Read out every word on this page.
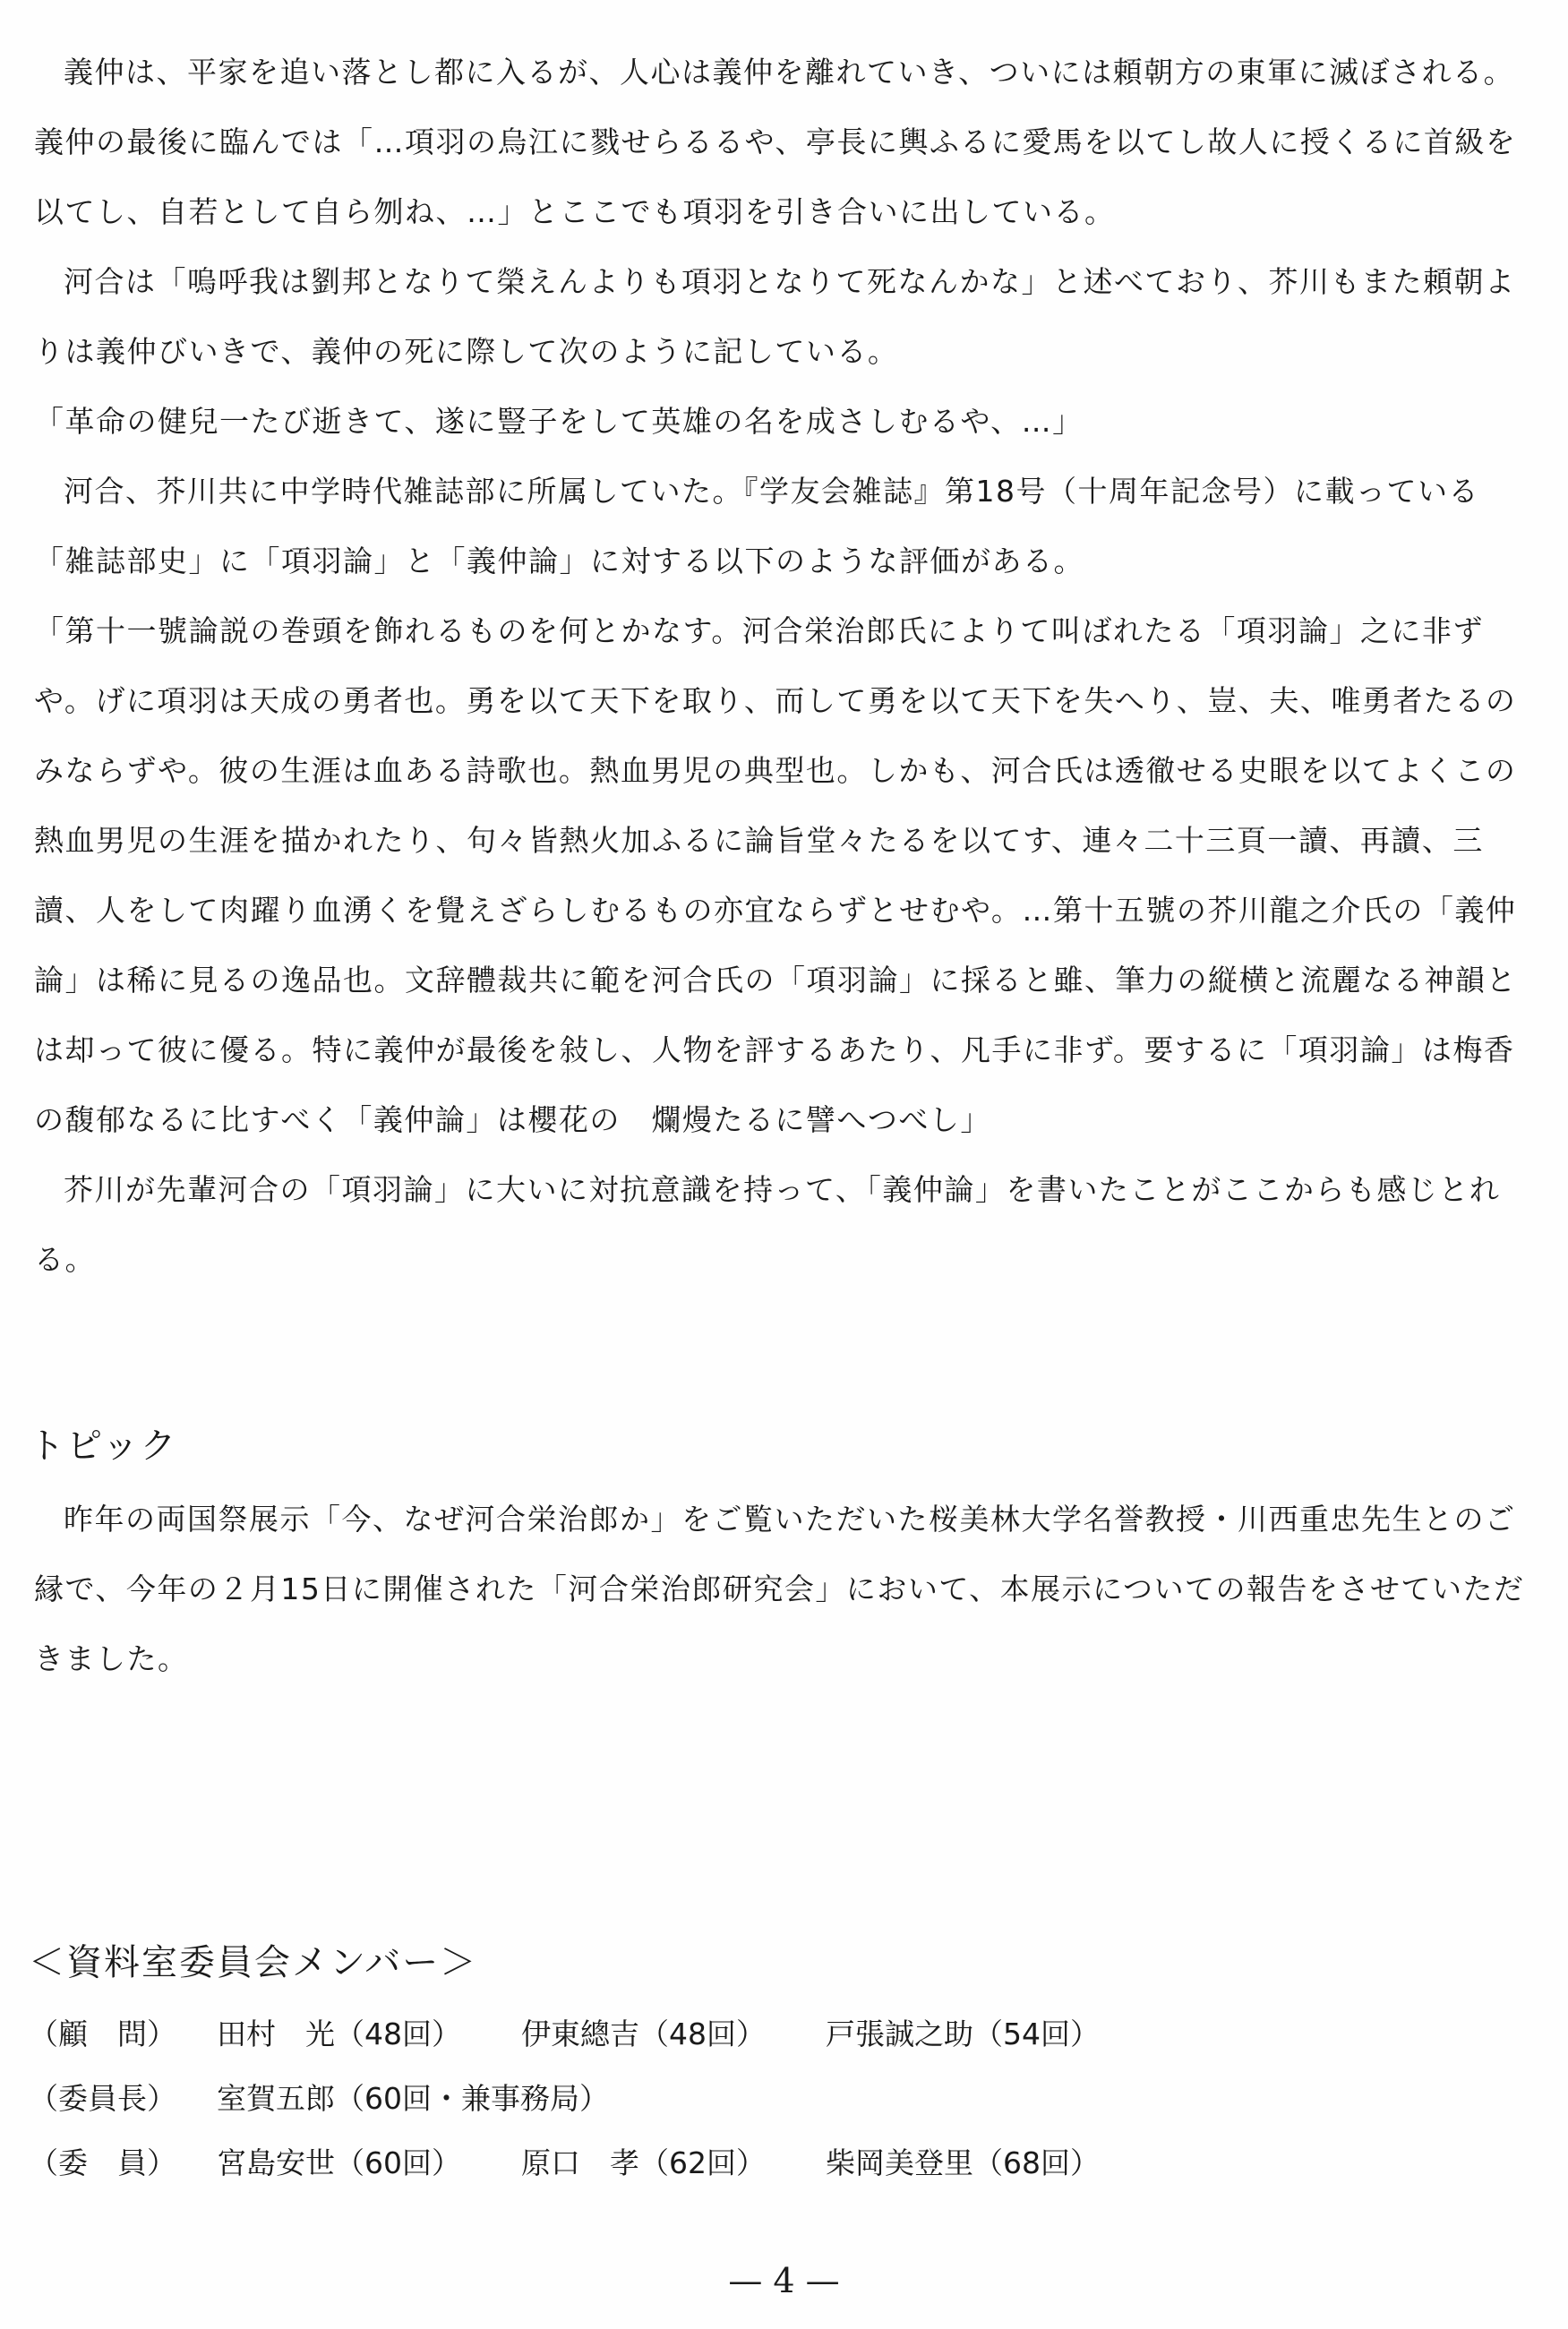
義仲は、平家を追い落とし都に入るが、人心は義仲を離れていき、ついには頼朝方の東軍に滅ぼされる。義仲の最後に臨んでは「…項羽の烏江に戮せらるるや、亭長に輿ふるに愛馬を以てし故人に授くるに首級を以てし、自若として自ら刎ね、…」とここでも項羽を引き合いに出している。

河合は「嗚呼我は劉邦となりて榮えんよりも項羽となりて死なんかな」と述べており、芥川もまた頼朝よりは義仲びいきで、義仲の死に際して次のように記している。

「革命の健兒一たび逝きて、遂に豎子をして英雄の名を成さしむるや、…」

河合、芥川共に中学時代雑誌部に所属していた。『学友会雑誌』第18号（十周年記念号）に載っている「雑誌部史」に「項羽論」と「義仲論」に対する以下のような評価がある。

「第十一號論説の巻頭を飾れるものを何とかなす。河合栄治郎氏によりて叫ばれたる「項羽論」之に非ずや。げに項羽は天成の勇者也。勇を以て天下を取り、而して勇を以て天下を失へり、豈、夫、唯勇者たるのみならずや。彼の生涯は血ある詩歌也。熱血男児の典型也。しかも、河合氏は透徹せる史眼を以てよくこの熱血男児の生涯を描かれたり、句々皆熱火加ふるに論旨堂々たるを以てす、連々二十三頁一讀、再讀、三讀、人をして肉躍り血湧くを覺えざらしむるもの亦宜ならずとせむや。…第十五號の芥川龍之介氏の「義仲論」は稀に見るの逸品也。文辞體裁共に範を河合氏の「項羽論」に採ると雖、筆力の縦横と流麗なる神韻とは却って彼に優る。特に義仲が最後を敍し、人物を評するあたり、凡手に非ず。要するに「項羽論」は梅香の馥郁なるに比すべく「義仲論」は櫻花の　爛熳たるに譬へつべし」

芥川が先輩河合の「項羽論」に大いに対抗意識を持って、「義仲論」を書いたことがここからも感じとれる。

トピック

昨年の両国祭展示「今、なぜ河合栄治郎か」をご覧いただいた桜美林大学名誉教授・川西重忠先生とのご縁で、今年の２月15日に開催された「河合栄治郎研究会」において、本展示についての報告をさせていただきました。

＜資料室委員会メンバー＞
（顧　問）	田村　光（48回）	伊東總吉（48回）	戸張誠之助（54回）
（委員長）	室賀五郎（60回・兼事務局）		
（委　員）	宮島安世（60回）	原口　孝（62回）	柴岡美登里（68回）
— 4 —
